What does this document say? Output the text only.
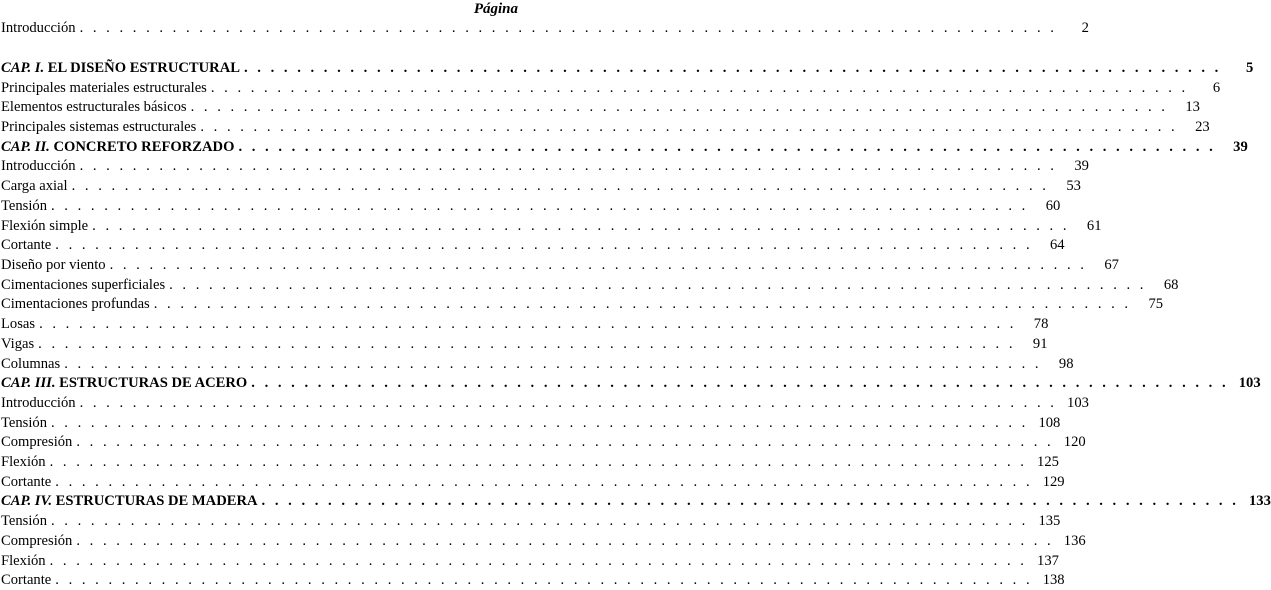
Página
Introducción . . . . . . . . . . . . . . . . . . . . . . . . . . . . . . . . . . . . . . . . . . . . . . . . . . . . . . . . . . . . . . . . . . . . . . . . . .	2
CAP. I. EL DISEÑO ESTRUCTURAL . . . . . . . . . . . . . . . . . . . . . . . . . . . . . . . . . . . . . . . . . . . . . . . . . . . . . . . . . . . . . . . . . . . . . . . . . .	5
Principales materiales estructurales . . . . . . . . . . . . . . . . . . . . . . . . . . . . . . . . . . . . . . . . . . . . . . . . . . . . . . . . . . . . . . . . . . . . . . . . . .	6
Elementos estructurales básicos . . . . . . . . . . . . . . . . . . . . . . . . . . . . . . . . . . . . . . . . . . . . . . . . . . . . . . . . . . . . . . . . . . . . . . . . . .	13
Principales sistemas estructurales . . . . . . . . . . . . . . . . . . . . . . . . . . . . . . . . . . . . . . . . . . . . . . . . . . . . . . . . . . . . . . . . . . . . . . . . . .	23
CAP. II. CONCRETO REFORZADO . . . . . . . . . . . . . . . . . . . . . . . . . . . . . . . . . . . . . . . . . . . . . . . . . . . . . . . . . . . . . . . . . . . . . . . . . .	39
Introducción . . . . . . . . . . . . . . . . . . . . . . . . . . . . . . . . . . . . . . . . . . . . . . . . . . . . . . . . . . . . . . . . . . . . . . . . . .	39
Carga axial . . . . . . . . . . . . . . . . . . . . . . . . . . . . . . . . . . . . . . . . . . . . . . . . . . . . . . . . . . . . . . . . . . . . . . . . . .	53
Tensión . . . . . . . . . . . . . . . . . . . . . . . . . . . . . . . . . . . . . . . . . . . . . . . . . . . . . . . . . . . . . . . . . . . . . . . . . .	60
Flexión simple . . . . . . . . . . . . . . . . . . . . . . . . . . . . . . . . . . . . . . . . . . . . . . . . . . . . . . . . . . . . . . . . . . . . . . . . . .	61
Cortante . . . . . . . . . . . . . . . . . . . . . . . . . . . . . . . . . . . . . . . . . . . . . . . . . . . . . . . . . . . . . . . . . . . . . . . . . .	64
Diseño por viento . . . . . . . . . . . . . . . . . . . . . . . . . . . . . . . . . . . . . . . . . . . . . . . . . . . . . . . . . . . . . . . . . . . . . . . . . .	67
Cimentaciones superficiales . . . . . . . . . . . . . . . . . . . . . . . . . . . . . . . . . . . . . . . . . . . . . . . . . . . . . . . . . . . . . . . . . . . . . . . . . .	68
Cimentaciones profundas . . . . . . . . . . . . . . . . . . . . . . . . . . . . . . . . . . . . . . . . . . . . . . . . . . . . . . . . . . . . . . . . . . . . . . . . . .	75
Losas . . . . . . . . . . . . . . . . . . . . . . . . . . . . . . . . . . . . . . . . . . . . . . . . . . . . . . . . . . . . . . . . . . . . . . . . . .	78
Vigas . . . . . . . . . . . . . . . . . . . . . . . . . . . . . . . . . . . . . . . . . . . . . . . . . . . . . . . . . . . . . . . . . . . . . . . . . .	91
Columnas . . . . . . . . . . . . . . . . . . . . . . . . . . . . . . . . . . . . . . . . . . . . . . . . . . . . . . . . . . . . . . . . . . . . . . . . . .	98
CAP. III. ESTRUCTURAS DE ACERO . . . . . . . . . . . . . . . . . . . . . . . . . . . . . . . . . . . . . . . . . . . . . . . . . . . . . . . . . . . . . . . . . . . . . . . . . . 103
Introducción . . . . . . . . . . . . . . . . . . . . . . . . . . . . . . . . . . . . . . . . . . . . . . . . . . . . . . . . . . . . . . . . . . . . . . . . . . 103
Tensión . . . . . . . . . . . . . . . . . . . . . . . . . . . . . . . . . . . . . . . . . . . . . . . . . . . . . . . . . . . . . . . . . . . . . . . . . . 108
Compresión . . . . . . . . . . . . . . . . . . . . . . . . . . . . . . . . . . . . . . . . . . . . . . . . . . . . . . . . . . . . . . . . . . . . . . . . . . 120
Flexión . . . . . . . . . . . . . . . . . . . . . . . . . . . . . . . . . . . . . . . . . . . . . . . . . . . . . . . . . . . . . . . . . . . . . . . . . . 125
Cortante . . . . . . . . . . . . . . . . . . . . . . . . . . . . . . . . . . . . . . . . . . . . . . . . . . . . . . . . . . . . . . . . . . . . . . . . . . 129
CAP. IV. ESTRUCTURAS DE MADERA . . . . . . . . . . . . . . . . . . . . . . . . . . . . . . . . . . . . . . . . . . . . . . . . . . . . . . . . . . . . . . . . . . . . . . . . . . 133
Tensión . . . . . . . . . . . . . . . . . . . . . . . . . . . . . . . . . . . . . . . . . . . . . . . . . . . . . . . . . . . . . . . . . . . . . . . . . . 135
Compresión . . . . . . . . . . . . . . . . . . . . . . . . . . . . . . . . . . . . . . . . . . . . . . . . . . . . . . . . . . . . . . . . . . . . . . . . . . 136
Flexión . . . . . . . . . . . . . . . . . . . . . . . . . . . . . . . . . . . . . . . . . . . . . . . . . . . . . . . . . . . . . . . . . . . . . . . . . . 137
Cortante . . . . . . . . . . . . . . . . . . . . . . . . . . . . . . . . . . . . . . . . . . . . . . . . . . . . . . . . . . . . . . . . . . . . . . . . . . 138
